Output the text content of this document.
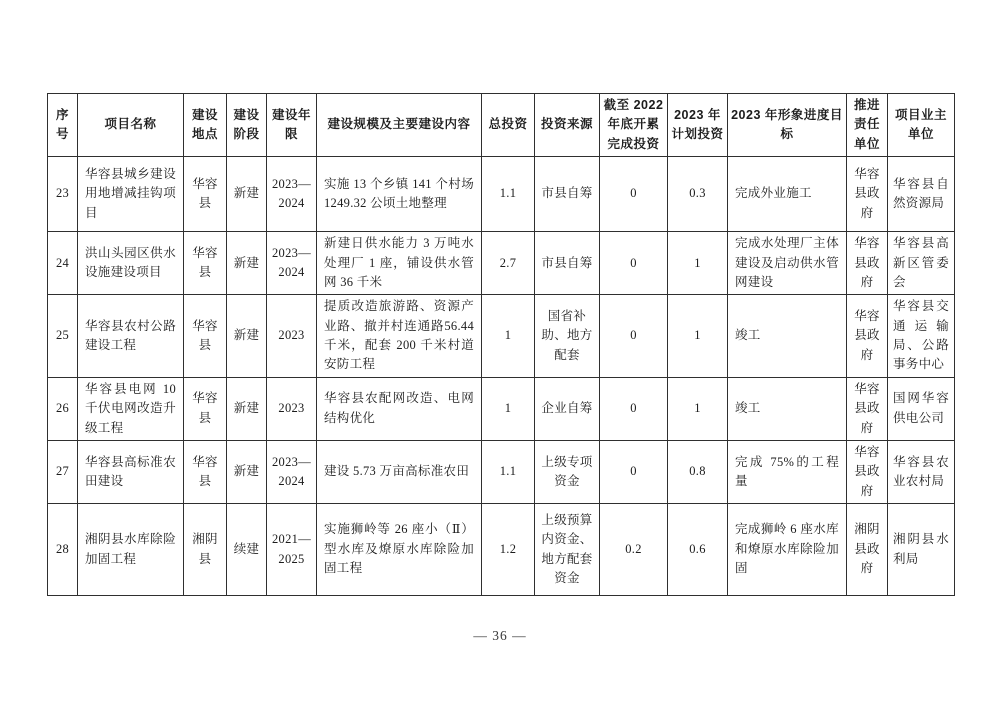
序号	项目名称	建设地点	建设阶段	建设年限	建设规模及主要建设内容	总投资	投资来源	截至 2022 年底开累完成投资	2023 年计划投资	2023 年形象进度目标	推进责任单位	项目业主单位
23	华容县城乡建设用地增减挂钩项目	华容县	新建	2023—2024	实施 13 个乡镇 141 个村场 1249.32 公顷土地整理	1.1	市县自筹	0	0.3	完成外业施工	华容县政府	华容县自然资源局
24	洪山头园区供水设施建设项目	华容县	新建	2023—2024	新建日供水能力 3 万吨水处理厂 1 座，铺设供水管网 36 千米	2.7	市县自筹	0	1	完成水处理厂主体建设及启动供水管网建设	华容县政府	华容县高新区管委会
25	华容县农村公路建设工程	华容县	新建	2023	提质改造旅游路、资源产业路、撤并村连通路56.44千米，配套 200 千米村道安防工程	1	国省补助、地方配套	0	1	竣工	华容县政府	华容县交通运输局、公路事务中心
26	华容县电网 10 千伏电网改造升级工程	华容县	新建	2023	华容县农配网改造、电网结构优化	1	企业自筹	0	1	竣工	华容县政府	国网华容供电公司
27	华容县高标准农田建设	华容县	新建	2023—2024	建设 5.73 万亩高标准农田	1.1	上级专项资金	0	0.8	完成 75%的工程量	华容县政府	华容县农业农村局
28	湘阴县水库除险加固工程	湘阴县	续建	2021—2025	实施狮岭等 26 座小（Ⅱ）型水库及燎原水库除险加固工程	1.2	上级预算内资金、地方配套资金	0.2	0.6	完成狮岭 6 座水库和燎原水库除险加固	湘阴县政府	湘阴县水利局
— 36 —
